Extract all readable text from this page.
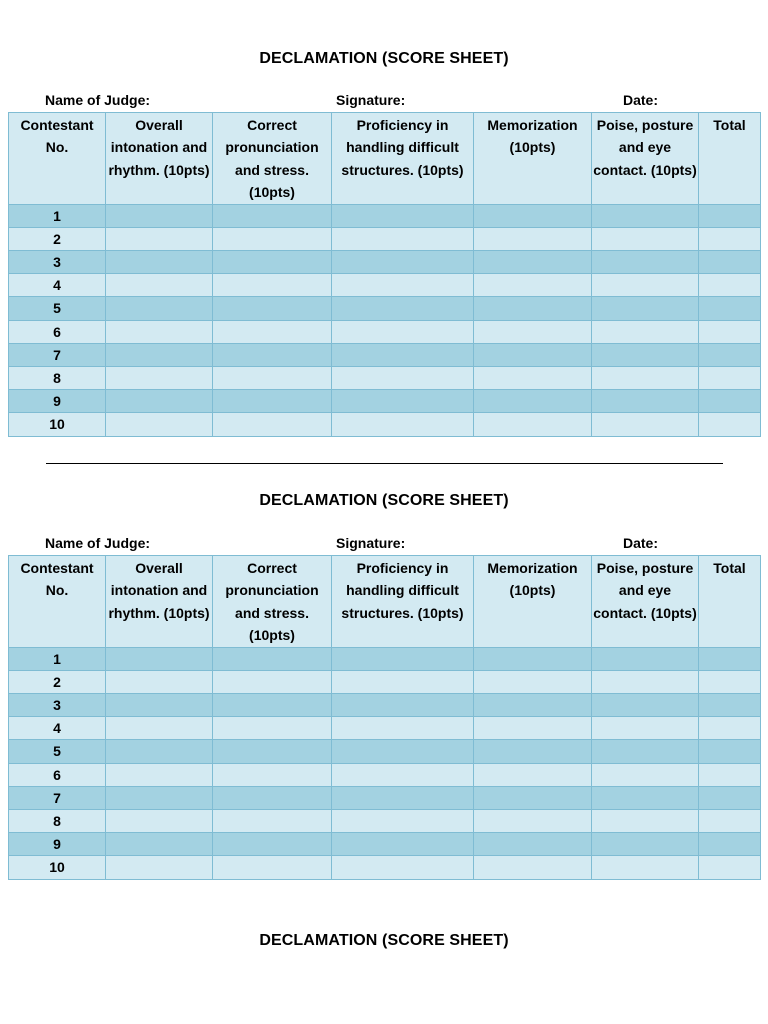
DECLAMATION (SCORE SHEET)
Name of Judge:	Signature:	Date:
Contestant No.	Overall intonation and rhythm. (10pts)	Correct pronunciation and stress. (10pts)	Proficiency in handling difficult structures. (10pts)	Memorization (10pts)	Poise, posture and eye contact. (10pts)	Total
1						
2						
3						
4						
5						
6						
7						
8						
9						
10						
DECLAMATION (SCORE SHEET)
Name of Judge:	Signature:	Date:
Contestant No.	Overall intonation and rhythm. (10pts)	Correct pronunciation and stress. (10pts)	Proficiency in handling difficult structures. (10pts)	Memorization (10pts)	Poise, posture and eye contact. (10pts)	Total
1						
2						
3						
4						
5						
6						
7						
8						
9						
10						
DECLAMATION (SCORE SHEET)
